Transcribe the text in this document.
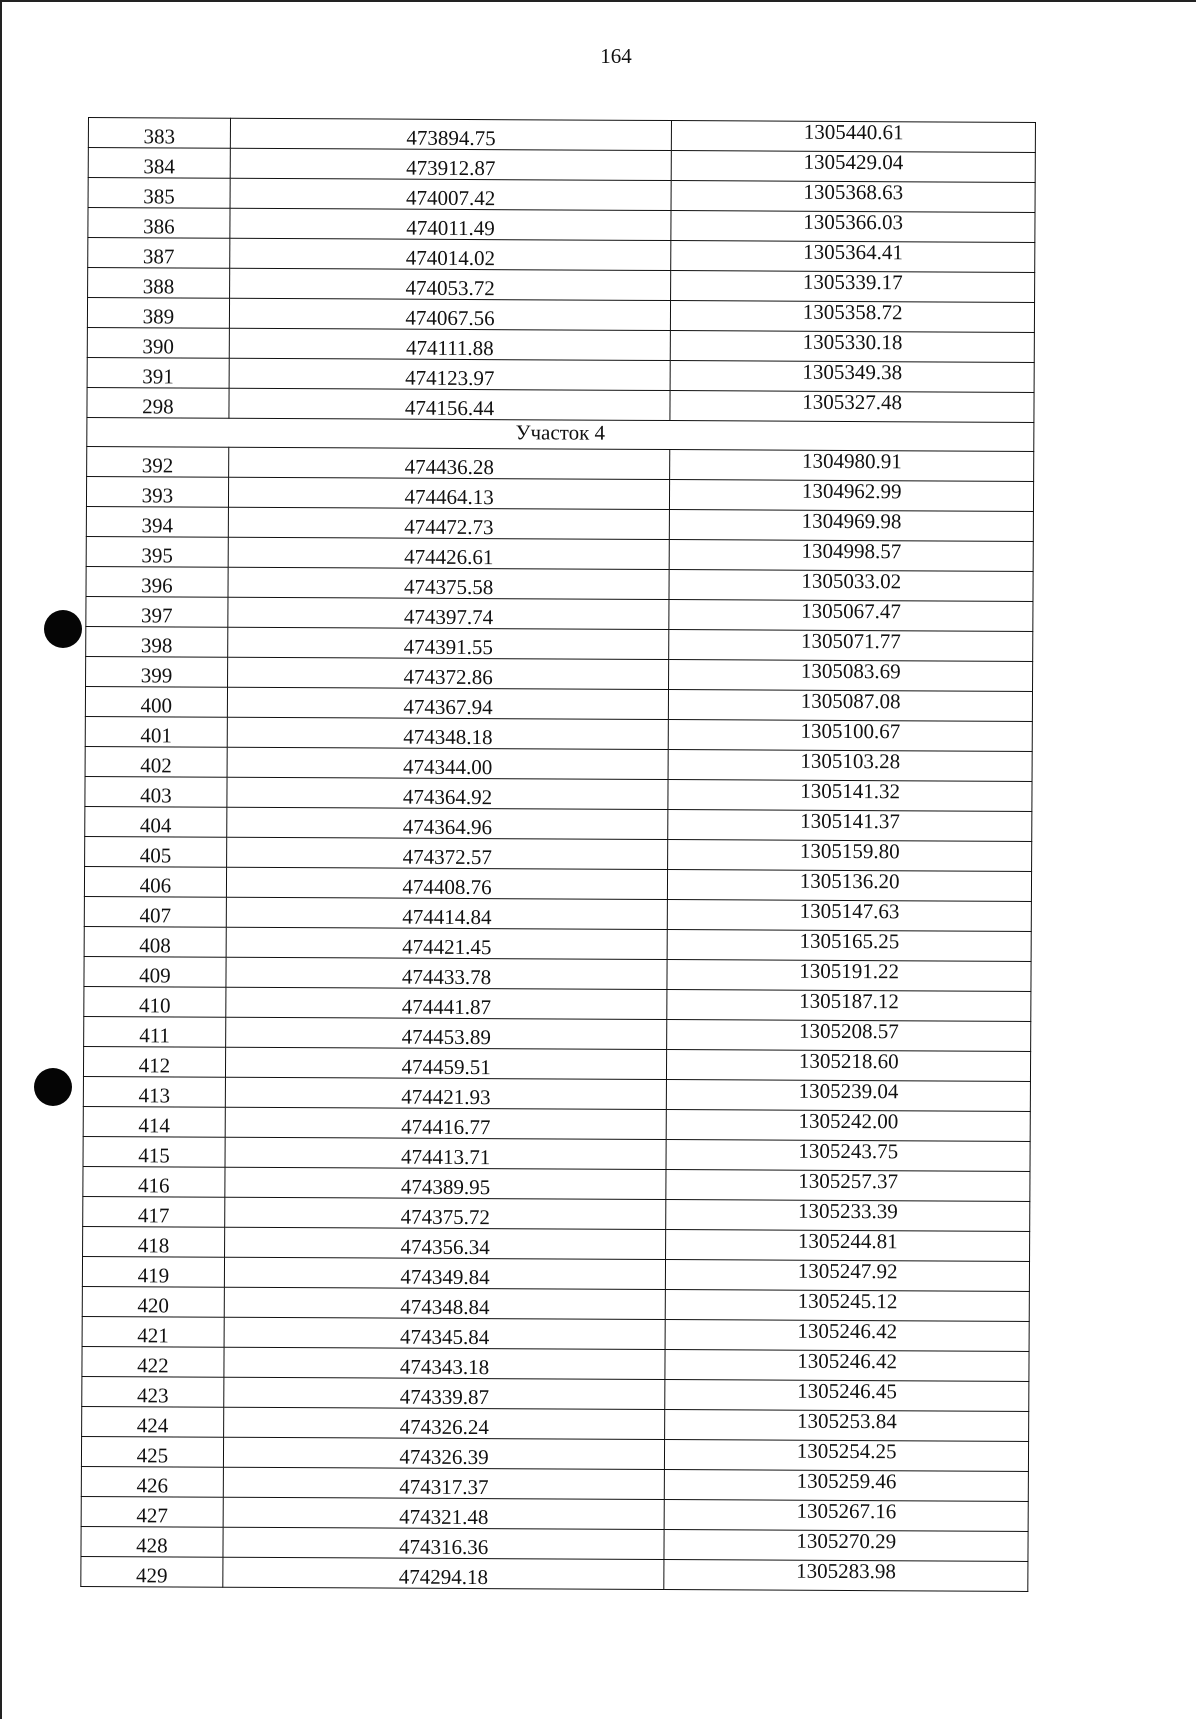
164
383	473894.75	1305440.61
384	473912.87	1305429.04
385	474007.42	1305368.63
386	474011.49	1305366.03
387	474014.02	1305364.41
388	474053.72	1305339.17
389	474067.56	1305358.72
390	474111.88	1305330.18
391	474123.97	1305349.38
298	474156.44	1305327.48
Участок 4		
392	474436.28	1304980.91
393	474464.13	1304962.99
394	474472.73	1304969.98
395	474426.61	1304998.57
396	474375.58	1305033.02
397	474397.74	1305067.47
398	474391.55	1305071.77
399	474372.86	1305083.69
400	474367.94	1305087.08
401	474348.18	1305100.67
402	474344.00	1305103.28
403	474364.92	1305141.32
404	474364.96	1305141.37
405	474372.57	1305159.80
406	474408.76	1305136.20
407	474414.84	1305147.63
408	474421.45	1305165.25
409	474433.78	1305191.22
410	474441.87	1305187.12
411	474453.89	1305208.57
412	474459.51	1305218.60
413	474421.93	1305239.04
414	474416.77	1305242.00
415	474413.71	1305243.75
416	474389.95	1305257.37
417	474375.72	1305233.39
418	474356.34	1305244.81
419	474349.84	1305247.92
420	474348.84	1305245.12
421	474345.84	1305246.42
422	474343.18	1305246.42
423	474339.87	1305246.45
424	474326.24	1305253.84
425	474326.39	1305254.25
426	474317.37	1305259.46
427	474321.48	1305267.16
428	474316.36	1305270.29
429	474294.18	1305283.98
